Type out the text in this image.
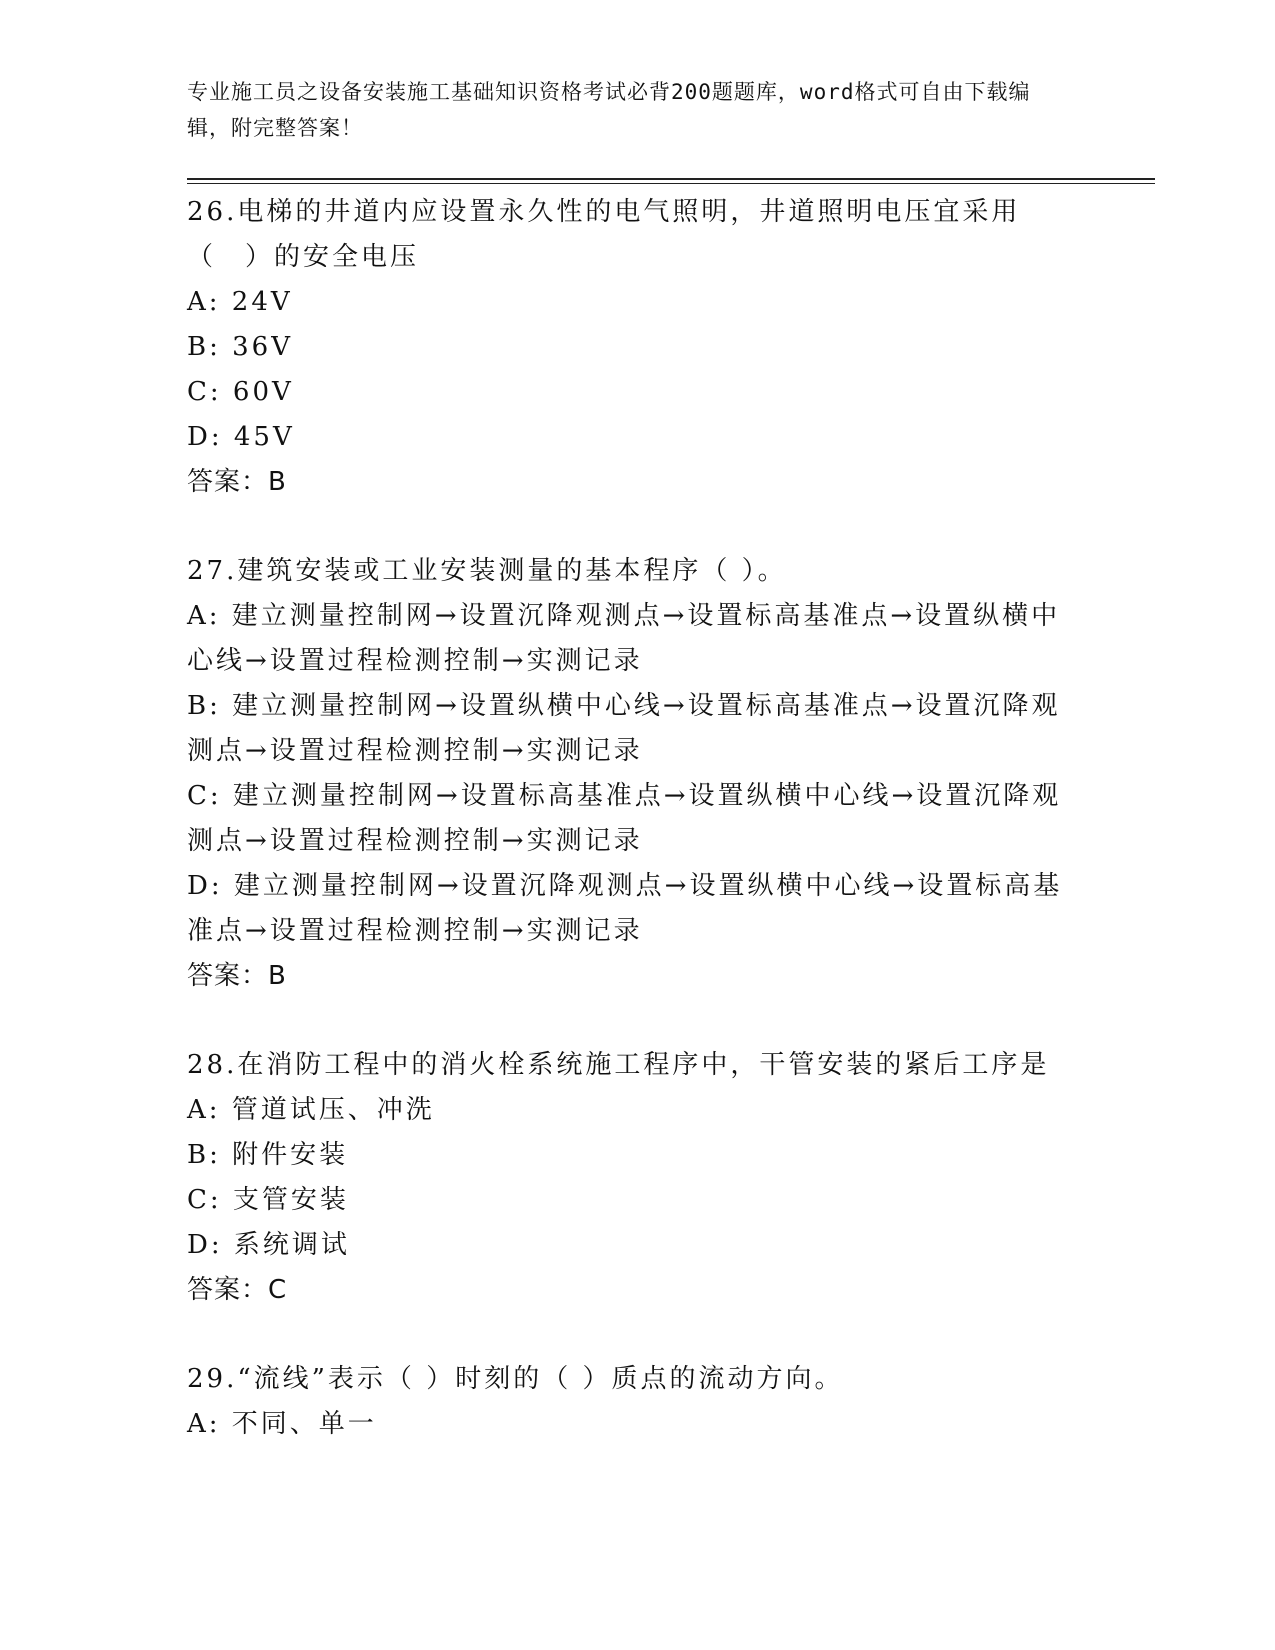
专业施工员之设备安装施工基础知识资格考试必背200题题库，word格式可自由下载编辑，附完整答案！

26.电梯的井道内应设置永久性的电气照明，井道照明电压宜采用（　）的安全电压

A: 24V

B: 36V

C: 60V

D: 45V

答案：B

27.建筑安装或工业安装测量的基本程序（ ）。

A: 建立测量控制网→设置沉降观测点→设置标高基准点→设置纵横中心线→设置过程检测控制→实测记录

B: 建立测量控制网→设置纵横中心线→设置标高基准点→设置沉降观测点→设置过程检测控制→实测记录

C: 建立测量控制网→设置标高基准点→设置纵横中心线→设置沉降观测点→设置过程检测控制→实测记录

D: 建立测量控制网→设置沉降观测点→设置纵横中心线→设置标高基准点→设置过程检测控制→实测记录

答案：B

28.在消防工程中的消火栓系统施工程序中，干管安装的紧后工序是

A: 管道试压、冲洗

B: 附件安装

C: 支管安装

D: 系统调试

答案：C

29.“流线”表示（ ）时刻的（ ）质点的流动方向。

A: 不同、单一
